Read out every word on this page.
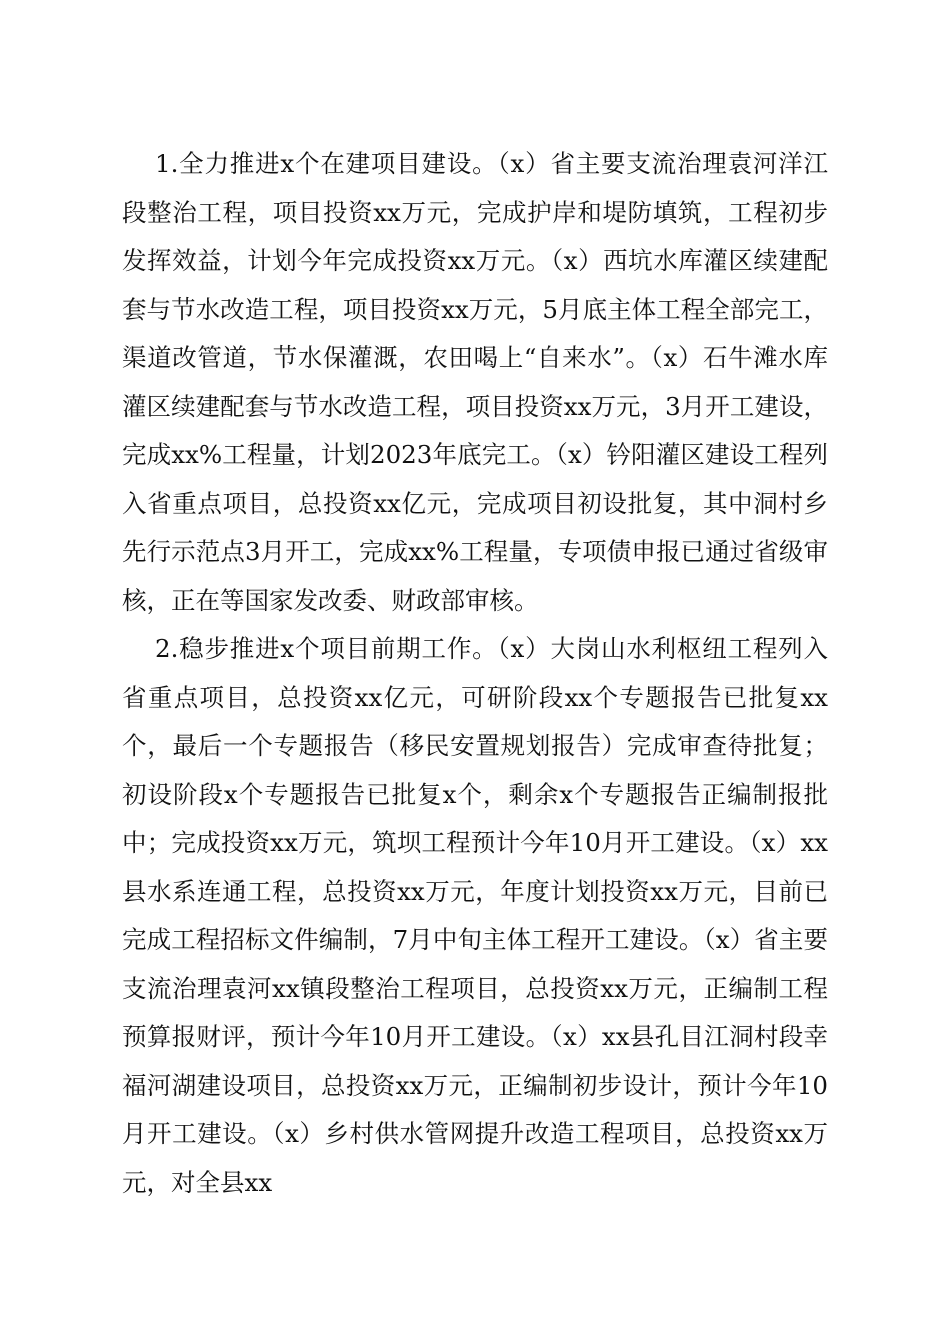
1.全力推进x个在建项目建设。（x）省主要支流治理袁河洋江段整治工程，项目投资xx万元，完成护岸和堤防填筑，工程初步发挥效益，计划今年完成投资xx万元。（x）西坑水库灌区续建配套与节水改造工程，项目投资xx万元，5月底主体工程全部完工，渠道改管道，节水保灌溉，农田喝上“自来水”。（x）石牛滩水库灌区续建配套与节水改造工程，项目投资xx万元，3月开工建设，完成xx%工程量，计划2023年底完工。（x）钤阳灌区建设工程列入省重点项目，总投资xx亿元，完成项目初设批复，其中洞村乡先行示范点3月开工，完成xx%工程量，专项债申报已通过省级审核，正在等国家发改委、财政部审核。

2.稳步推进x个项目前期工作。（x）大岗山水利枢纽工程列入省重点项目，总投资xx亿元，可研阶段xx个专题报告已批复xx个，最后一个专题报告（移民安置规划报告）完成审查待批复；初设阶段x个专题报告已批复x个，剩余x个专题报告正编制报批中；完成投资xx万元，筑坝工程预计今年10月开工建设。（x）xx县水系连通工程，总投资xx万元，年度计划投资xx万元，目前已完成工程招标文件编制，7月中旬主体工程开工建设。（x）省主要支流治理袁河xx镇段整治工程项目，总投资xx万元，正编制工程预算报财评，预计今年10月开工建设。（x）xx县孔目江洞村段幸福河湖建设项目，总投资xx万元，正编制初步设计，预计今年10月开工建设。（x）乡村供水管网提升改造工程项目，总投资xx万元，对全县xx
